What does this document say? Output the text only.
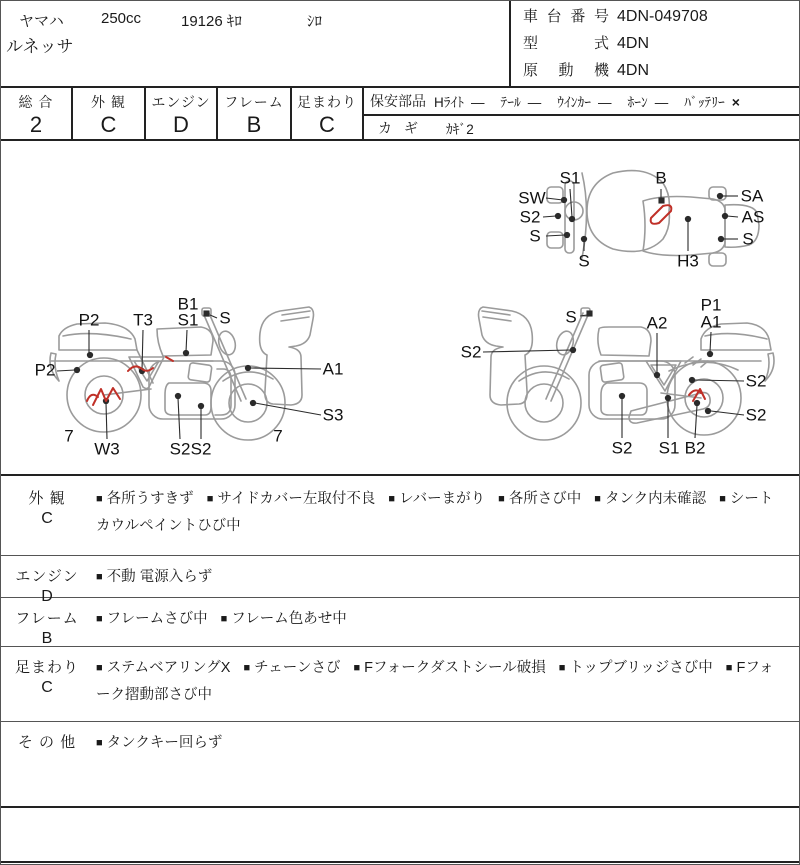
ヤマハ 250cc	19126 ｷﾛ	ｼﾛ
ルネッサ
車台番号 4DN-049708
型式 4DN
原動機 4DN
総 合
2
外 観
C
エンジン
D
フレーム
B
足まわり
C
保安部品 Hﾗｲﾄ — ﾃｰﾙ — ｳｲﾝｶｰ — ﾎｰﾝ — ﾊﾞｯﾃﾘｰ ×
カギ ｶｷﾞ2
S1	B
SW
S2
S
S
SA
AS
S
H3
P2 T3
B1
S1 S
P2	A1
S3
7
W3	S2 S2
7
S
S2
A2
P1
A1
S2
S2
S2 S1 B2
外 観
C
■ 各所うすきず ■ サイドカバー左取付不良 ■ レバーまがり ■ 各所さび中 ■ タンク内未確認 ■ シートカウルペイントひび中
エンジン
D
■ 不動 電源入らず
フレーム
B
■ フレームさび中 ■ フレーム色あせ中
足まわり
C
■ ステムベアリングX ■ チェーンさび ■ Fフォークダストシール破損 ■ トップブリッジさび中 ■ Fフォーク摺動部さび中
そ の 他	■ タンクキー回らず
